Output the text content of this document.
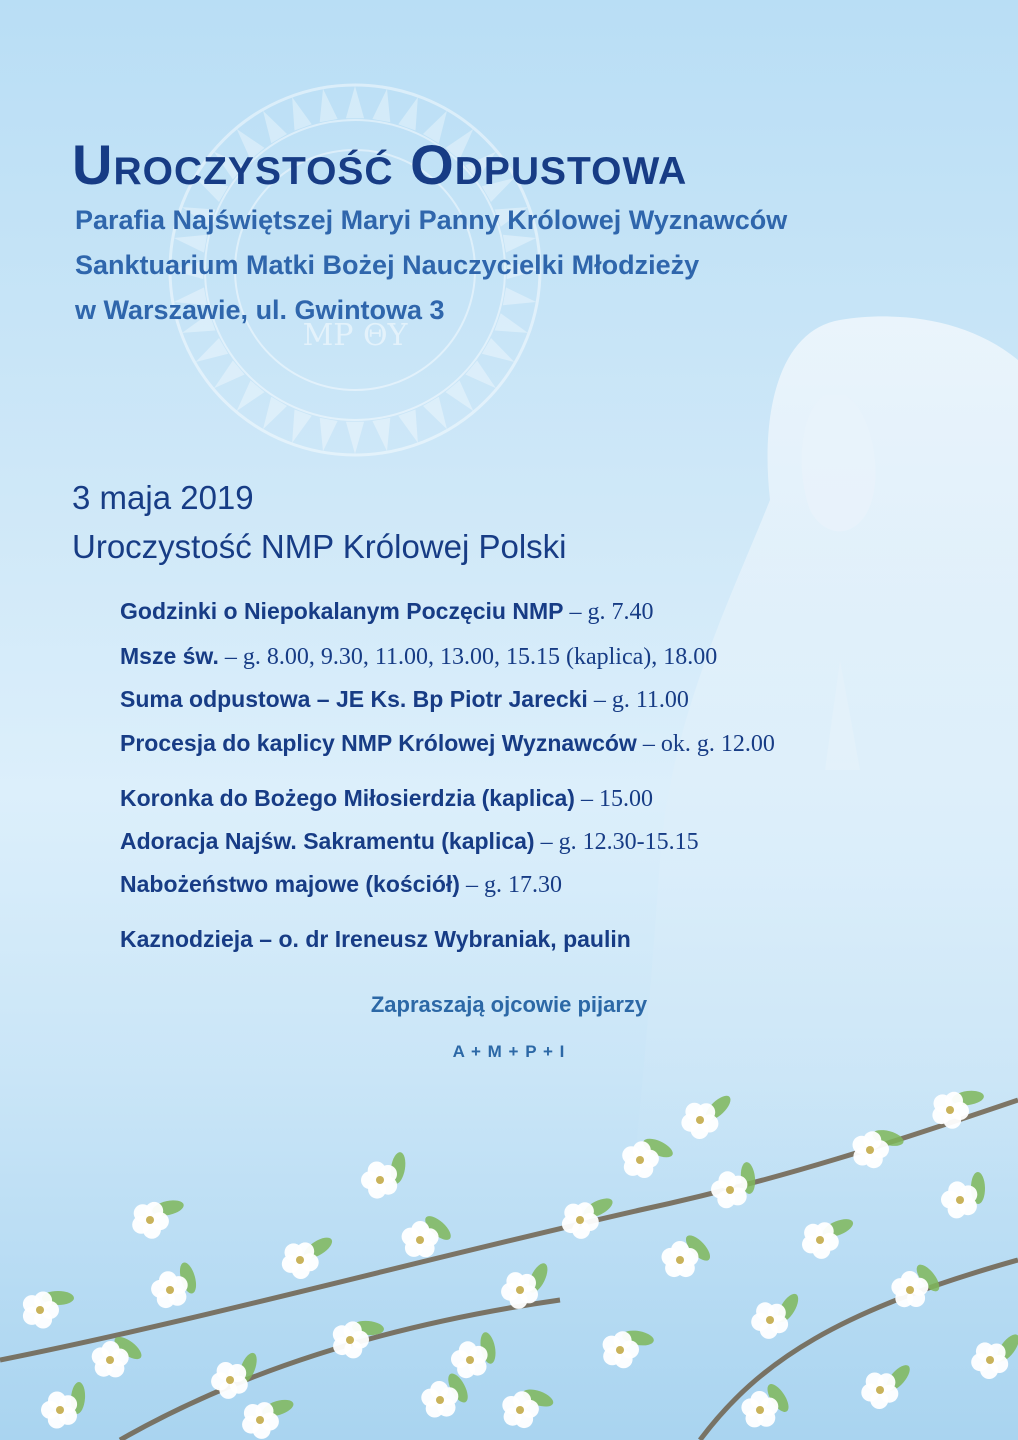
ΜΡ ΘΥ
Uroczystość Odpustowa
Parafia Najświętszej Maryi Panny Królowej Wyznawców
Sanktuarium Matki Bożej Nauczycielki Młodzieży
w Warszawie, ul. Gwintowa 3
3 maja 2019
Uroczystość NMP Królowej Polski
Godzinki o Niepokalanym Poczęciu NMP – g. 7.40
Msze św. – g. 8.00, 9.30, 11.00, 13.00, 15.15 (kaplica), 18.00
Suma odpustowa – JE Ks. Bp Piotr Jarecki – g. 11.00
Procesja do kaplicy NMP Królowej Wyznawców – ok. g. 12.00
Koronka do Bożego Miłosierdzia (kaplica) – 15.00
Adoracja Najśw. Sakramentu (kaplica) – g. 12.30-15.15
Nabożeństwo majowe (kościół) – g. 17.30
Kaznodzieja – o. dr Ireneusz Wybraniak, paulin
Zapraszają ojcowie pijarzy
A + M + P + I
